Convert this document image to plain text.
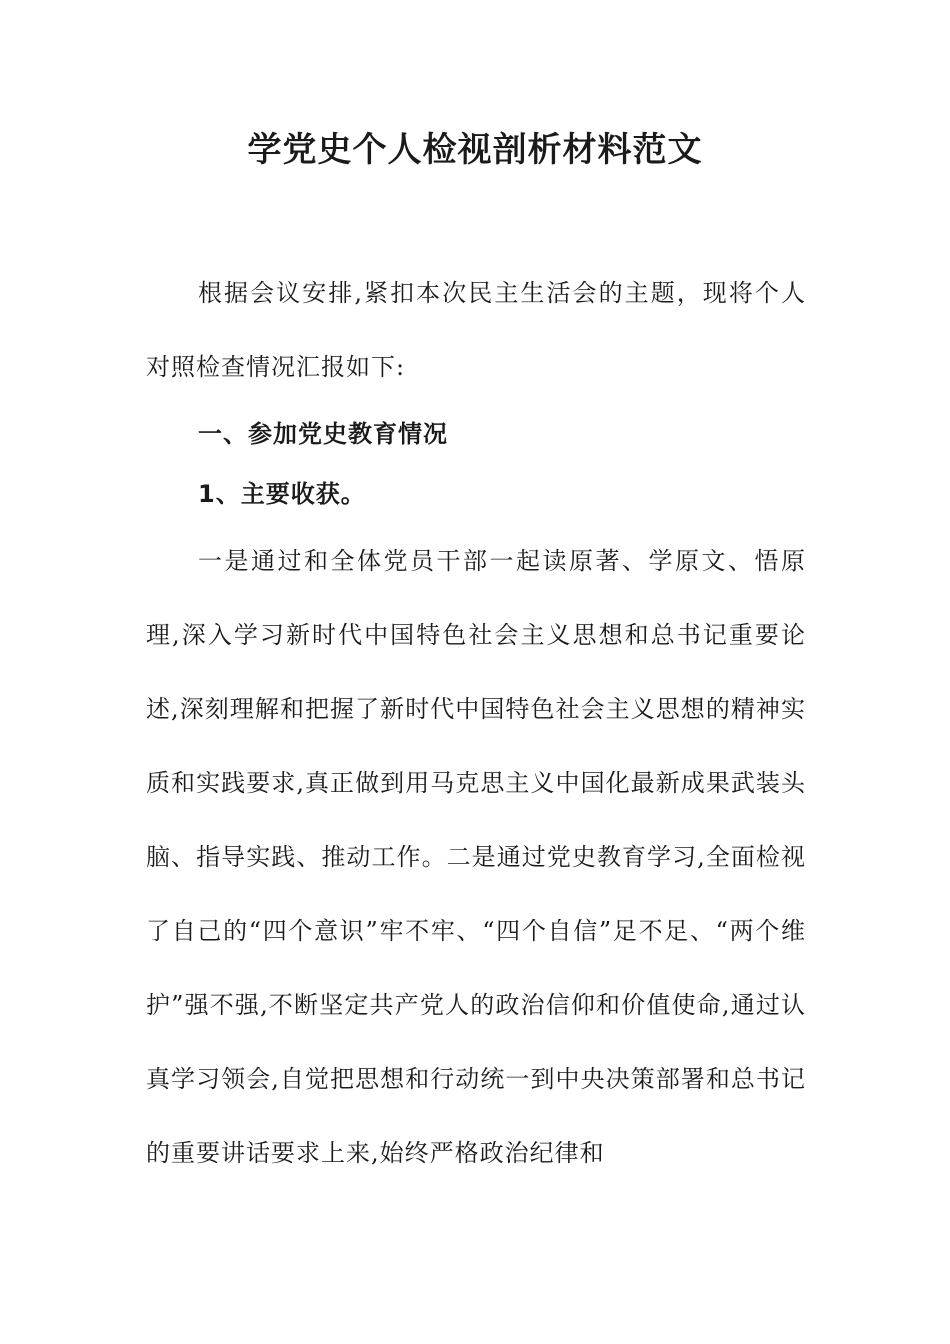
学党史个人检视剖析材料范文

根据会议安排,紧扣本次民主生活会的主题，现将个人对照检查情况汇报如下:

一、参加党史教育情况

1、主要收获。

一是通过和全体党员干部一起读原著、学原文、悟原理,深入学习新时代中国特色社会主义思想和总书记重要论述,深刻理解和把握了新时代中国特色社会主义思想的精神实质和实践要求,真正做到用马克思主义中国化最新成果武装头脑、指导实践、推动工作。二是通过党史教育学习,全面检视了自己的“四个意识”牢不牢、“四个自信”足不足、“两个维护”强不强,不断坚定共产党人的政治信仰和价值使命,通过认真学习领会,自觉把思想和行动统一到中央决策部署和总书记的重要讲话要求上来,始终严格政治纪律和
